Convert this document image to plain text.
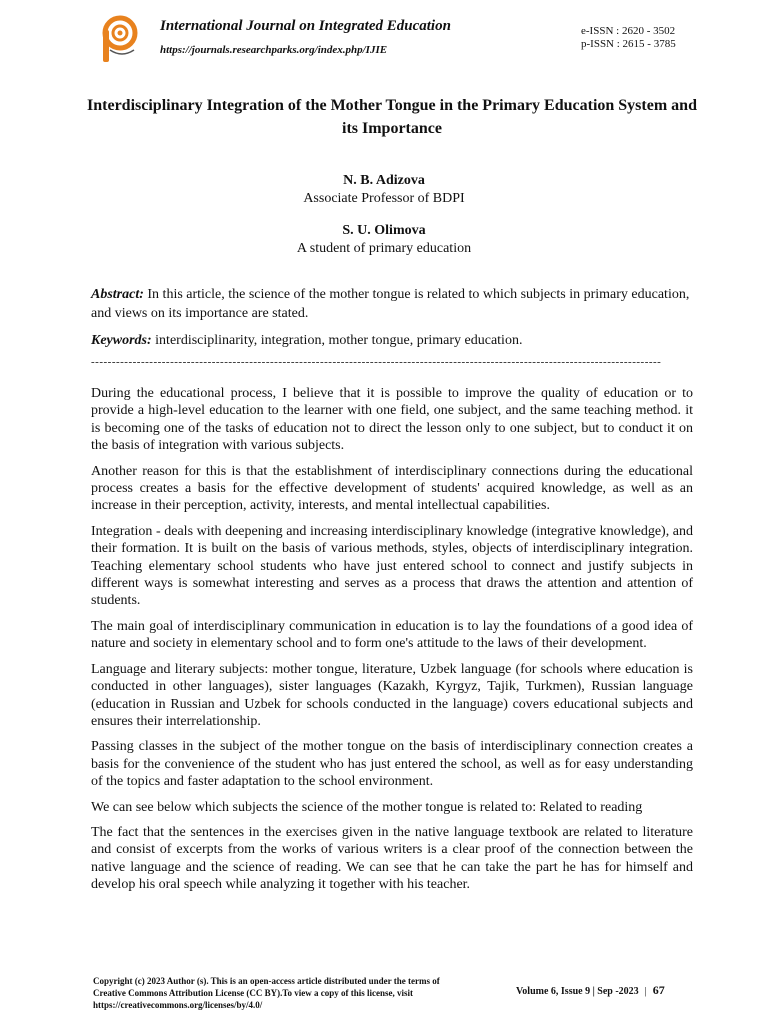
International Journal on Integrated Education
https://journals.researchparks.org/index.php/IJIE
e-ISSN : 2620 - 3502
p-ISSN : 2615 - 3785
Interdisciplinary Integration of the Mother Tongue in the Primary Education System and its Importance
N. B. Adizova
Associate Professor of BDPI
S. U. Olimova
A student of primary education
Abstract: In this article, the science of the mother tongue is related to which subjects in primary education, and views on its importance are stated.
Keywords: interdisciplinarity, integration, mother tongue, primary education.
-----------------------------------------------------------------------------------------------------------------------------------------

During the educational process, I believe that it is possible to improve the quality of education or to provide a high-level education to the learner with one field, one subject, and the same teaching method. it is becoming one of the tasks of education not to direct the lesson only to one subject, but to conduct it on the basis of integration with various subjects.

Another reason for this is that the establishment of interdisciplinary connections during the educational process creates a basis for the effective development of students' acquired knowledge, as well as an increase in their perception, activity, interests, and mental intellectual capabilities.

Integration - deals with deepening and increasing interdisciplinary knowledge (integrative knowledge), and their formation. It is built on the basis of various methods, styles, objects of interdisciplinary integration. Teaching elementary school students who have just entered school to connect and justify subjects in different ways is somewhat interesting and serves as a process that draws the attention and attention of students.

The main goal of interdisciplinary communication in education is to lay the foundations of a good idea of nature and society in elementary school and to form one's attitude to the laws of their development.

Language and literary subjects: mother tongue, literature, Uzbek language (for schools where education is conducted in other languages), sister languages (Kazakh, Kyrgyz, Tajik, Turkmen), Russian language (education in Russian and Uzbek for schools conducted in the language) covers educational subjects and ensures their interrelationship.

Passing classes in the subject of the mother tongue on the basis of interdisciplinary connection creates a basis for the convenience of the student who has just entered the school, as well as for easy understanding of the topics and faster adaptation to the school environment.

We can see below which subjects the science of the mother tongue is related to: Related to reading

The fact that the sentences in the exercises given in the native language textbook are related to literature and consist of excerpts from the works of various writers is a clear proof of the connection between the native language and the science of reading. We can see that he can take the part he has for himself and develop his oral speech while analyzing it together with his teacher.

Copyright (c) 2023 Author (s). This is an open-access article distributed under the terms of Creative Commons Attribution License (CC BY).To view a copy of this license, visit https://creativecommons.org/licenses/by/4.0/
Volume 6, Issue 9 | Sep -2023 | 67
